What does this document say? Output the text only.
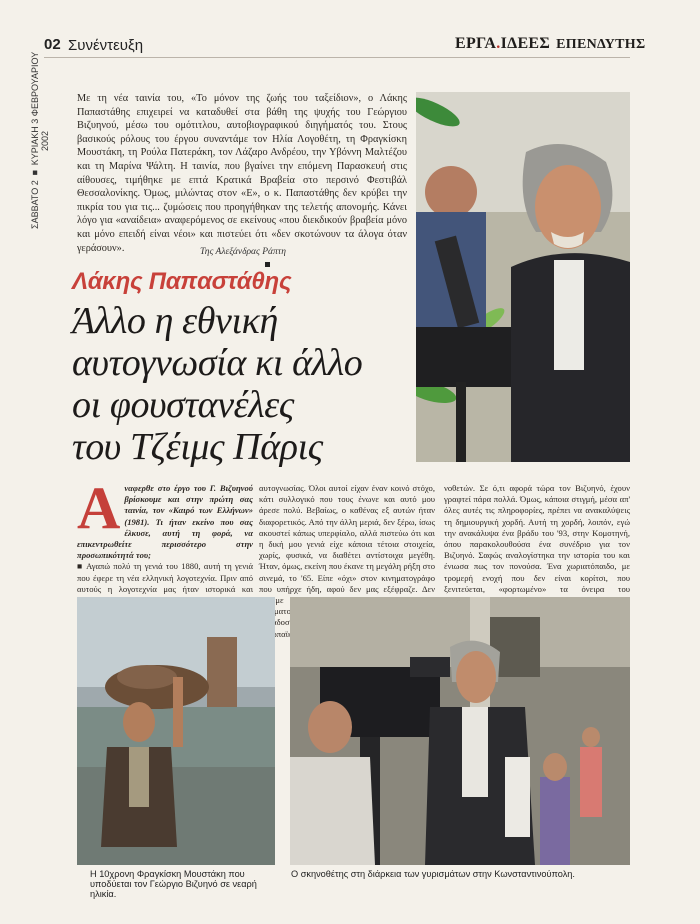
02 Συνέντευξη	ΕΡΓΑ.ΙΔΕΕΣ ΕΠΕΝΔΥΤΗΣ
ΣΑΒΒΑΤΟ 2 ■ ΚΥΡΙΑΚΗ 3 ΦΕΒΡΟΥΑΡΙΟΥ 2002
Με τη νέα ταινία του, «Το μόνον της ζωής του ταξείδιον», ο Λάκης Παπαστάθης επιχειρεί να καταδυθεί στα βάθη της ψυχής του Γεώργιου Βιζυηνού, μέσω του ομότιτλου, αυτοβιογραφικού διηγήματός του. Στους βασικούς ρόλους του έργου συναντάμε τον Ηλία Λογοθέτη, τη Φραγκίσκη Μουστάκη, τη Ρούλα Πατεράκη, τον Λάζαρο Ανδρέου, την Υβόννη Μαλτέζου και τη Μαρίνα Ψάλτη. Η ταινία, που βγαίνει την επόμενη Παρασκευή στις αίθουσες, τιμήθηκε με επτά Κρατικά Βραβεία στο περσινό Φεστιβάλ Θεσσαλονίκης. Όμως, μιλώντας στον «Ε», ο κ. Παπαστάθης δεν κρύβει την πικρία του για τις... ζυμώσεις που προηγήθηκαν της τελετής απονομής. Κάνει λόγο για «αναίδεια» αναφερόμενος σε εκείνους «που διεκδικούν βραβεία μόνο και μόνο επειδή είναι νέοι» και πιστεύει ότι «δεν σκοτώνουν τα άλογα όταν γεράσουν».	Της Αλεξάνδρας Ράπτη
Λάκης Παπαστάθης
Άλλο η εθνική
αυτογνωσία κι άλλο
οι φουστανέλες
του Τζέιμς Πάρις
Α ναφερθε στο έργο του Γ. Βιζυηνού βρίσκουμε και στην πρώτη σας ταινία, τον «Καιρό των Ελλήνων» (1981). Τι ήταν εκείνο που σας έλκυσε, αυτή τη φορά, να επικεντρωθείτε περισσότερο στην προσωπικότητά του;
■ Αγαπώ πολύ τη γενιά του 1880, αυτή τη γενιά που έφερε τη νέα ελληνική λογοτεχνία. Πριν από αυτούς η λογοτεχνία μας ήταν ιστορικά και
αυτογνωσίας. Όλοι αυτοί είχαν έναν κοινό στόχο, κάτι συλλογικό που τους ένωνε και αυτό μου άρεσε πολύ. Βεβαίως, ο καθένας εξ αυτών ήταν διαφορετικός. Από την άλλη μεριά, δεν ξέρω, ίσως ακουστεί κάπως υπερφίαλο, αλλά πιστεύω ότι και η δική μου γενιά είχε κάποια τέτοια στοιχεία, χωρίς, φυσικά, να διαθέτει αντίστοιχα μεγέθη. Ήταν, όμως, εκείνη που έκανε τη μεγάλη ρήξη στο σινεμά, το '65. Είπε «όχι» στον κινηματογράφο που υπήρχε ήδη, αφού δεν μας εξέφραζε. Δεν κινηματογράφο. παράδοσης ευρωπαϊκού
νοθετών. Σε ό,τι αφορά τώρα τον Βιζυηνό, έχουν γραφτεί πάρα πολλά. Όμως, κάποια στιγμή, μέσα απ' όλες αυτές τις πληροφορίες, πρέπει να ανακαλύψεις τη δημιουργική χορδή. Αυτή τη χορδή, λοιπόν, εγώ την ανακάλυψα ένα βράδυ του '93, στην Κομοτηνή, όπου παρακολουθούσα ένα συνέδριο για τον Βιζυηνό. Σαφώς αναλογίστηκα την ιστορία του και ένιωσα πως τον πονούσα. Ένα χωριατόπαιδο, με τρομερή ενοχή που δεν είναι κορίτσι, που ξενιτεύεται, «φορτωμένο» τα όνειρα του
Η 10χρονη Φραγκίσκη Μουστάκη που υποδύεται τον Γεώργιο Βιζυηνό σε νεαρή ηλικία.
Ο σκηνοθέτης στη διάρκεια των γυρισμάτων στην Κωνσταντινούπολη.
